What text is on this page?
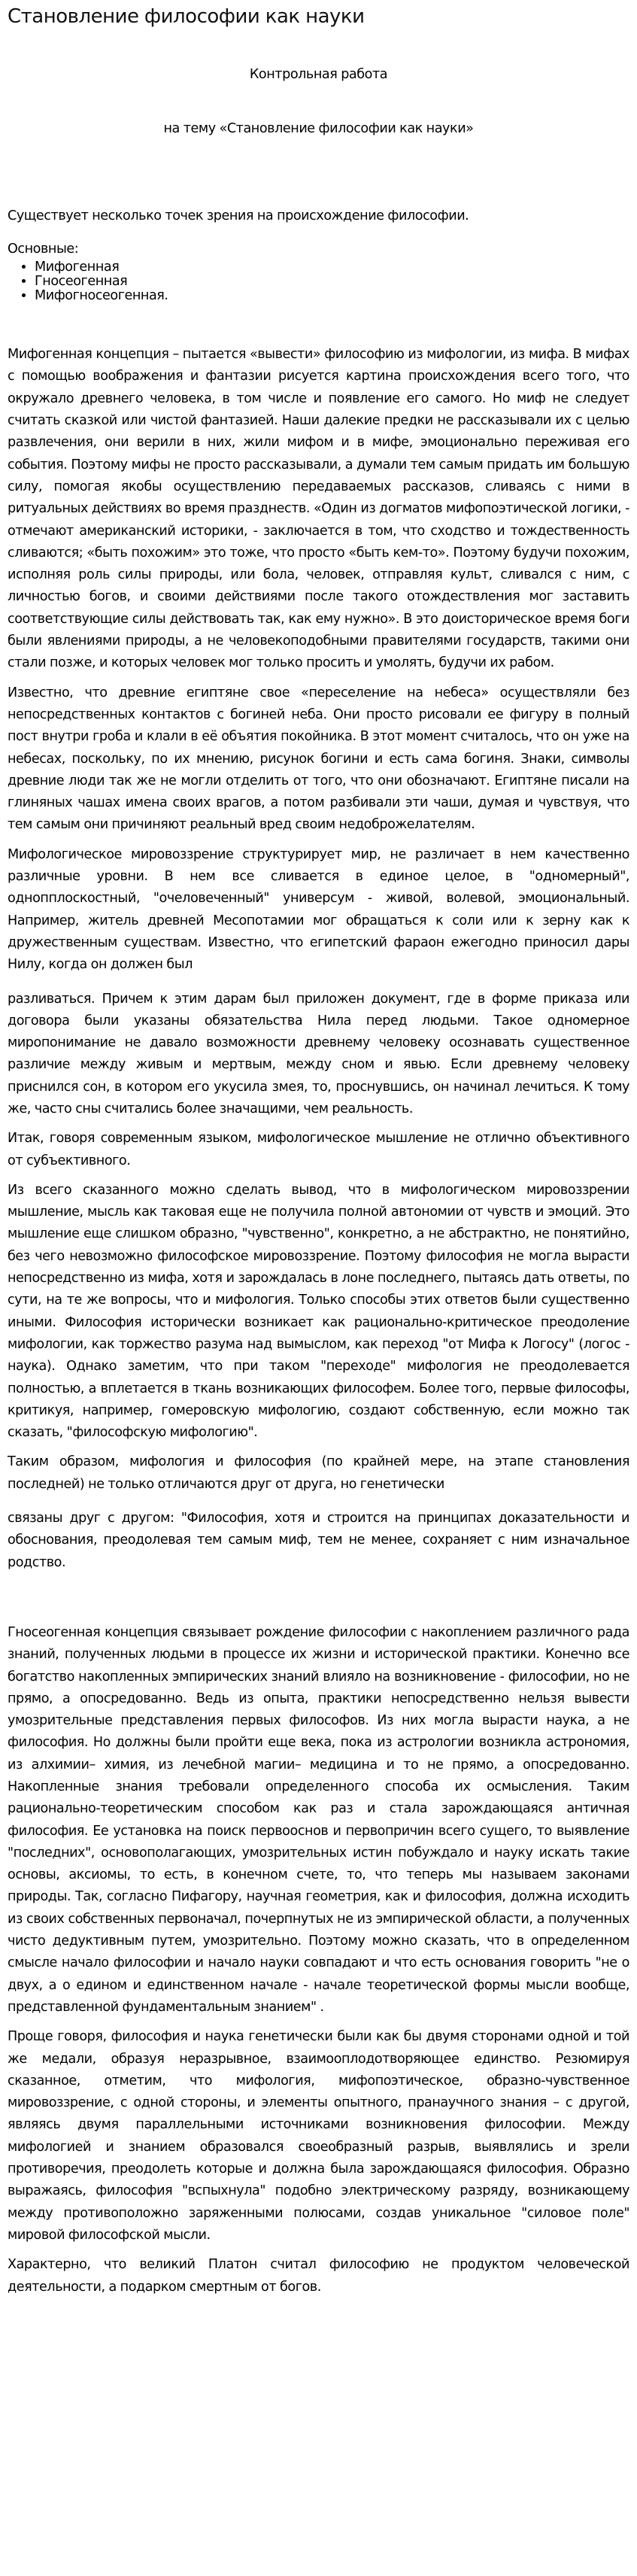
Становление философии как науки

Контрольная работа

на тему «Становление философии как науки»

Существует несколько точек зрения на происхождение философии.

Основные:

• Мифогенная
• Гносеогенная
• Мифогносеогенная.

Мифогенная концепция – пытается «вывести» философию из мифологии, из мифа. В мифах с помощью воображения и фантазии рисуется картина происхождения всего того, что окружало древнего человека, в том числе и появление его самого. Но миф не следует считать сказкой или чистой фантазией. Наши далекие предки не рассказывали их с целью развлечения, они верили в них, жили мифом и в мифе, эмоционально переживая его события. Поэтому мифы не просто рассказывали, а думали тем самым придать им большую силу, помогая якобы осуществлению передаваемых рассказов, сливаясь с ними в ритуальных действиях во время празднеств. «Один из догматов мифопоэтической логики, - отмечают американский историки, - заключается в том, что сходство и тождественность сливаются; «быть похожим» это тоже, что просто «быть кем-то». Поэтому будучи похожим, исполняя роль силы природы, или бола, человек, отправляя культ, сливался с ним, с личностью богов, и своими действиями после такого отождествления мог заставить соответствующие силы действовать так, как ему нужно». В это доисторическое время боги были явлениями природы, а не человекоподобными правителями государств, такими они стали позже, и которых человек мог только просить и умолять, будучи их рабом.

Известно, что древние египтяне свое «переселение на небеса» осуществляли без непосредственных контактов с богиней неба. Они просто рисовали ее фигуру в полный пост внутри гроба и клали в её объятия покойника. В этот момент считалось, что он уже на небесах, поскольку, по их мнению, рисунок богини и есть сама богиня. Знаки, символы древние люди так же не могли отделить от того, что они обозначают. Египтяне писали на глиняных чашах имена своих врагов, а потом разбивали эти чаши, думая и чувствуя, что тем самым они причиняют реальный вред своим недоброжелателям.

Мифологическое мировоззрение структурирует мир, не различает в нем качественно различные уровни. В нем все сливается в единое целое, в "одномерный", однопплоскостный, "очеловеченный" универсум - живой, волевой, эмоциональный. Например, житель древней Месопотамии мог обращаться к соли или к зерну как к дружественным существам. Известно, что египетский фараон ежегодно приносил дары Нилу, когда он должен был

разливаться. Причем к этим дарам был приложен документ, где в форме приказа или договора были указаны обязательства Нила перед людьми. Такое одномерное миропонимание не давало возможности древнему человеку осознавать существенное различие между живым и мертвым, между сном и явью. Если древнему человеку приснился сон, в котором его укусила змея, то, проснувшись, он начинал лечиться. К тому же, часто сны считались более значащими, чем реальность.

Итак, говоря современным языком, мифологическое мышление не отлично объективного от субъективного.

Из всего сказанного можно сделать вывод, что в мифологическом мировоззрении мышление, мысль как таковая еще не получила полной автономии от чувств и эмоций. Это мышление еще слишком образно, "чувственно", конкретно, а не абстрактно, не понятийно, без чего невозможно философское мировоззрение. Поэтому философия не могла вырасти непосредственно из мифа, хотя и зарождалась в лоне последнего, пытаясь дать ответы, по сути, на те же вопросы, что и мифология. Только способы этих ответов были существенно иными. Философия исторически возникает как рационально-критическое преодоление мифологии, как торжество разума над вымыслом, как переход "от Мифа к Логосу" (логос - наука). Однако заметим, что при таком "переходе" мифология не преодолевается полностью, а вплетается в ткань возникающих философем. Более того, первые философы, критикуя, например, гомеровскую мифологию, создают собственную, если можно так сказать, "философскую мифологию".

Таким образом, мифология и философия (по крайней мере, на этапе становления последней) не только отличаются друг от друга, но генетически

связаны друг с другом: "Философия, хотя и строится на принципах доказательности и обоснования, преодолевая тем самым миф, тем не менее, сохраняет с ним изначальное родство.

Гносеогенная концепция связывает рождение философии с накоплением различного рада знаний, полученных людьми в процессе их жизни и исторической практики. Конечно все богатство накопленных эмпирических знаний влияло на возникновение - философии, но не прямо, а опосредованно. Ведь из опыта, практики непосредственно нельзя вывести умозрительные представления первых философов. Из них могла вырасти наука, а не философия. Но должны были пройти еще века, пока из астрологии возникла астрономия, из алхимии– химия, из лечебной магии– медицина и то не прямо, а опосредованно. Накопленные знания требовали определенного способа их осмысления. Таким рационально-теоретическим способом как раз и стала зарождающаяся античная философия. Ее установка на поиск первооснов и первопричин всего сущего, то выявление "последних", основополагающих, умозрительных истин побуждало и науку искать такие основы, аксиомы, то есть, в конечном счете, то, что теперь мы называем законами природы. Так, согласно Пифагору, научная геометрия, как и философия, должна исходить из своих собственных первоначал, почерпнутых не из эмпирической области, а полученных чисто дедуктивным путем, умозрительно. Поэтому можно сказать, что в определенном смысле начало философии и начало науки совпадают и что есть основания говорить "не о двух, а о едином и единственном начале - начале теоретической формы мысли вообще, представленной фундаментальным знанием" .

Проще говоря, философия и наука генетически были как бы двумя сторонами одной и той же медали, образуя неразрывное, взаимооплодотворяющее единство. Резюмируя сказанное, отметим, что мифология, мифопоэтическое, образно-чувственное мировоззрение, с одной стороны, и элементы опытного, пранаучного знания – с другой, являясь двумя параллельными источниками возникновения философии. Между мифологией и знанием образовался своеобразный разрыв, выявлялись и зрели противоречия, преодолеть которые и должна была зарождающаяся философия. Образно выражаясь, философия "вспыхнула" подобно электрическому разряду, возникающему между противоположно заряженными полюсами, создав уникальное "силовое поле" мировой философской мысли.

Характерно, что великий Платон считал философию не продуктом человеческой деятельности, а подарком смертным от богов.
